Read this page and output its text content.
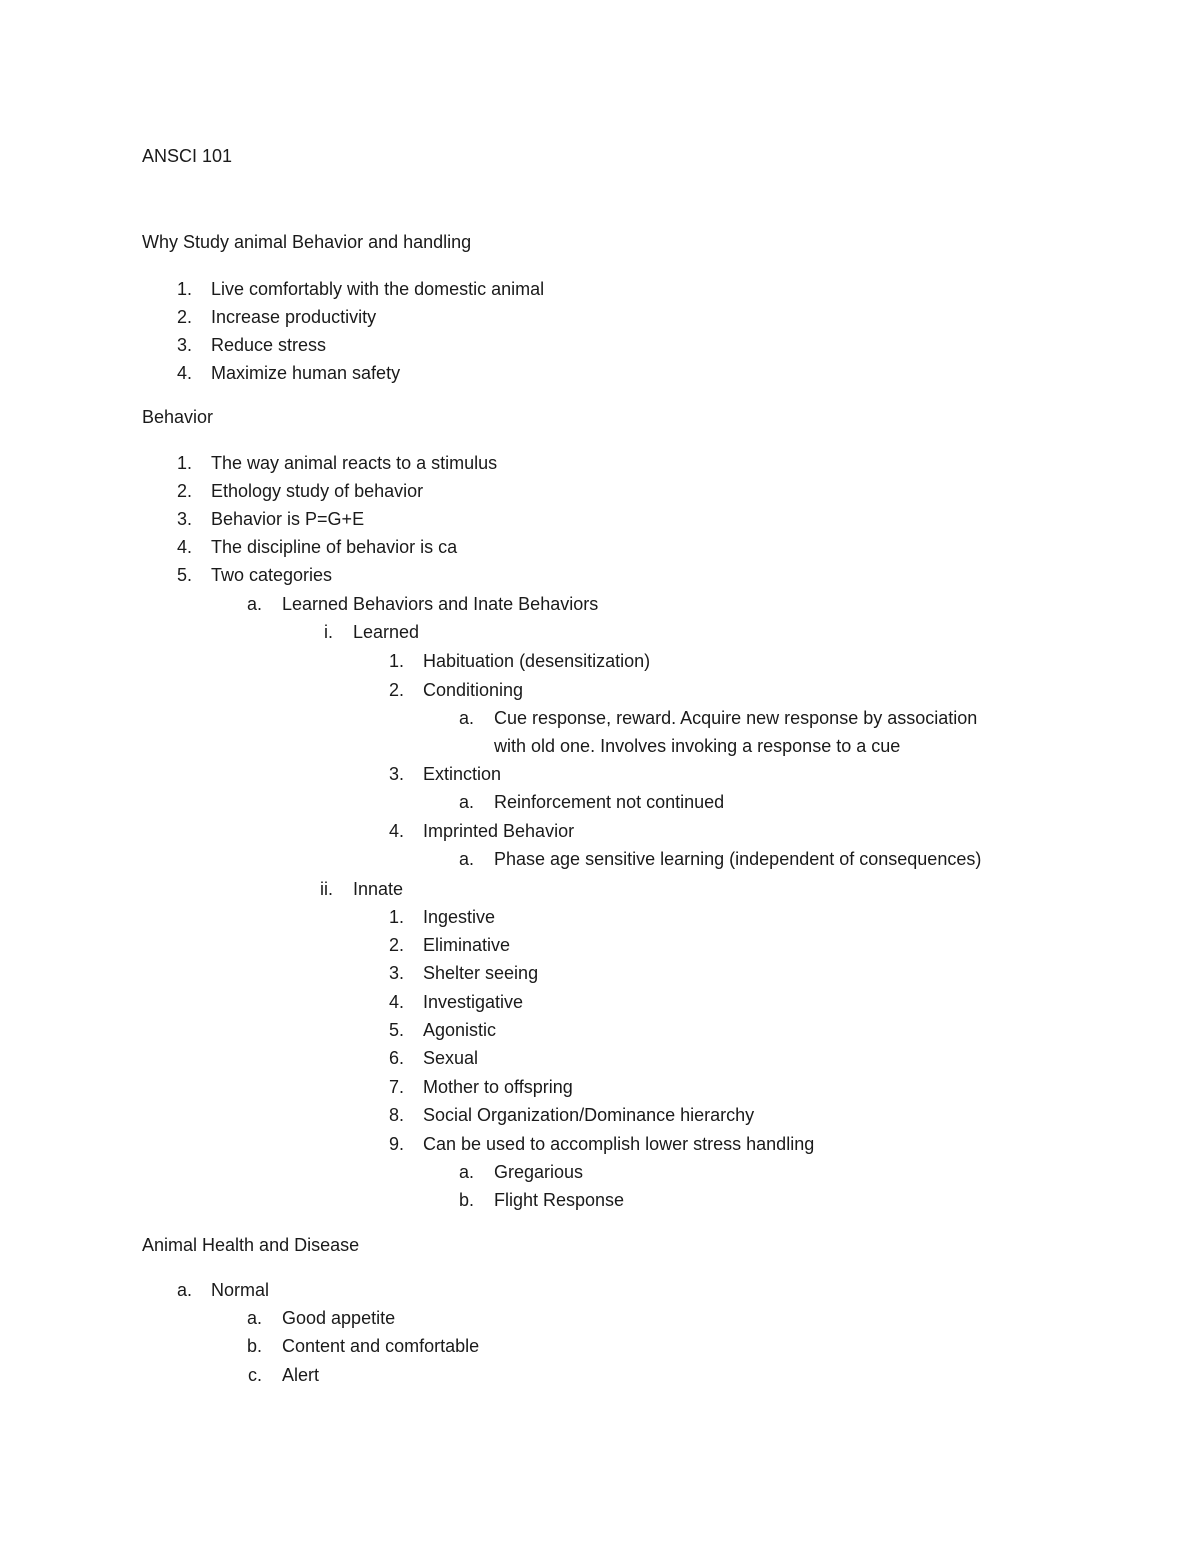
ANSCI 101
Why Study animal Behavior and handling
1. Live comfortably with the domestic animal
2. Increase productivity
3. Reduce stress
4. Maximize human safety
Behavior
1. The way animal reacts to a stimulus
2. Ethology study of behavior
3. Behavior is P=G+E
4. The discipline of behavior is ca
5. Two categories
a. Learned Behaviors and Inate Behaviors
i. Learned
1. Habituation (desensitization)
2. Conditioning
a. Cue response, reward. Acquire new response by association
with old one. Involves invoking a response to a cue
3. Extinction
a. Reinforcement not continued
4. Imprinted Behavior
a. Phase age sensitive learning (independent of consequences)
ii. Innate
1. Ingestive
2. Eliminative
3. Shelter seeing
4. Investigative
5. Agonistic
6. Sexual
7. Mother to offspring
8. Social Organization/Dominance hierarchy
9. Can be used to accomplish lower stress handling
a. Gregarious
b. Flight Response
Animal Health and Disease
a. Normal
a. Good appetite
b. Content and comfortable
c. Alert
